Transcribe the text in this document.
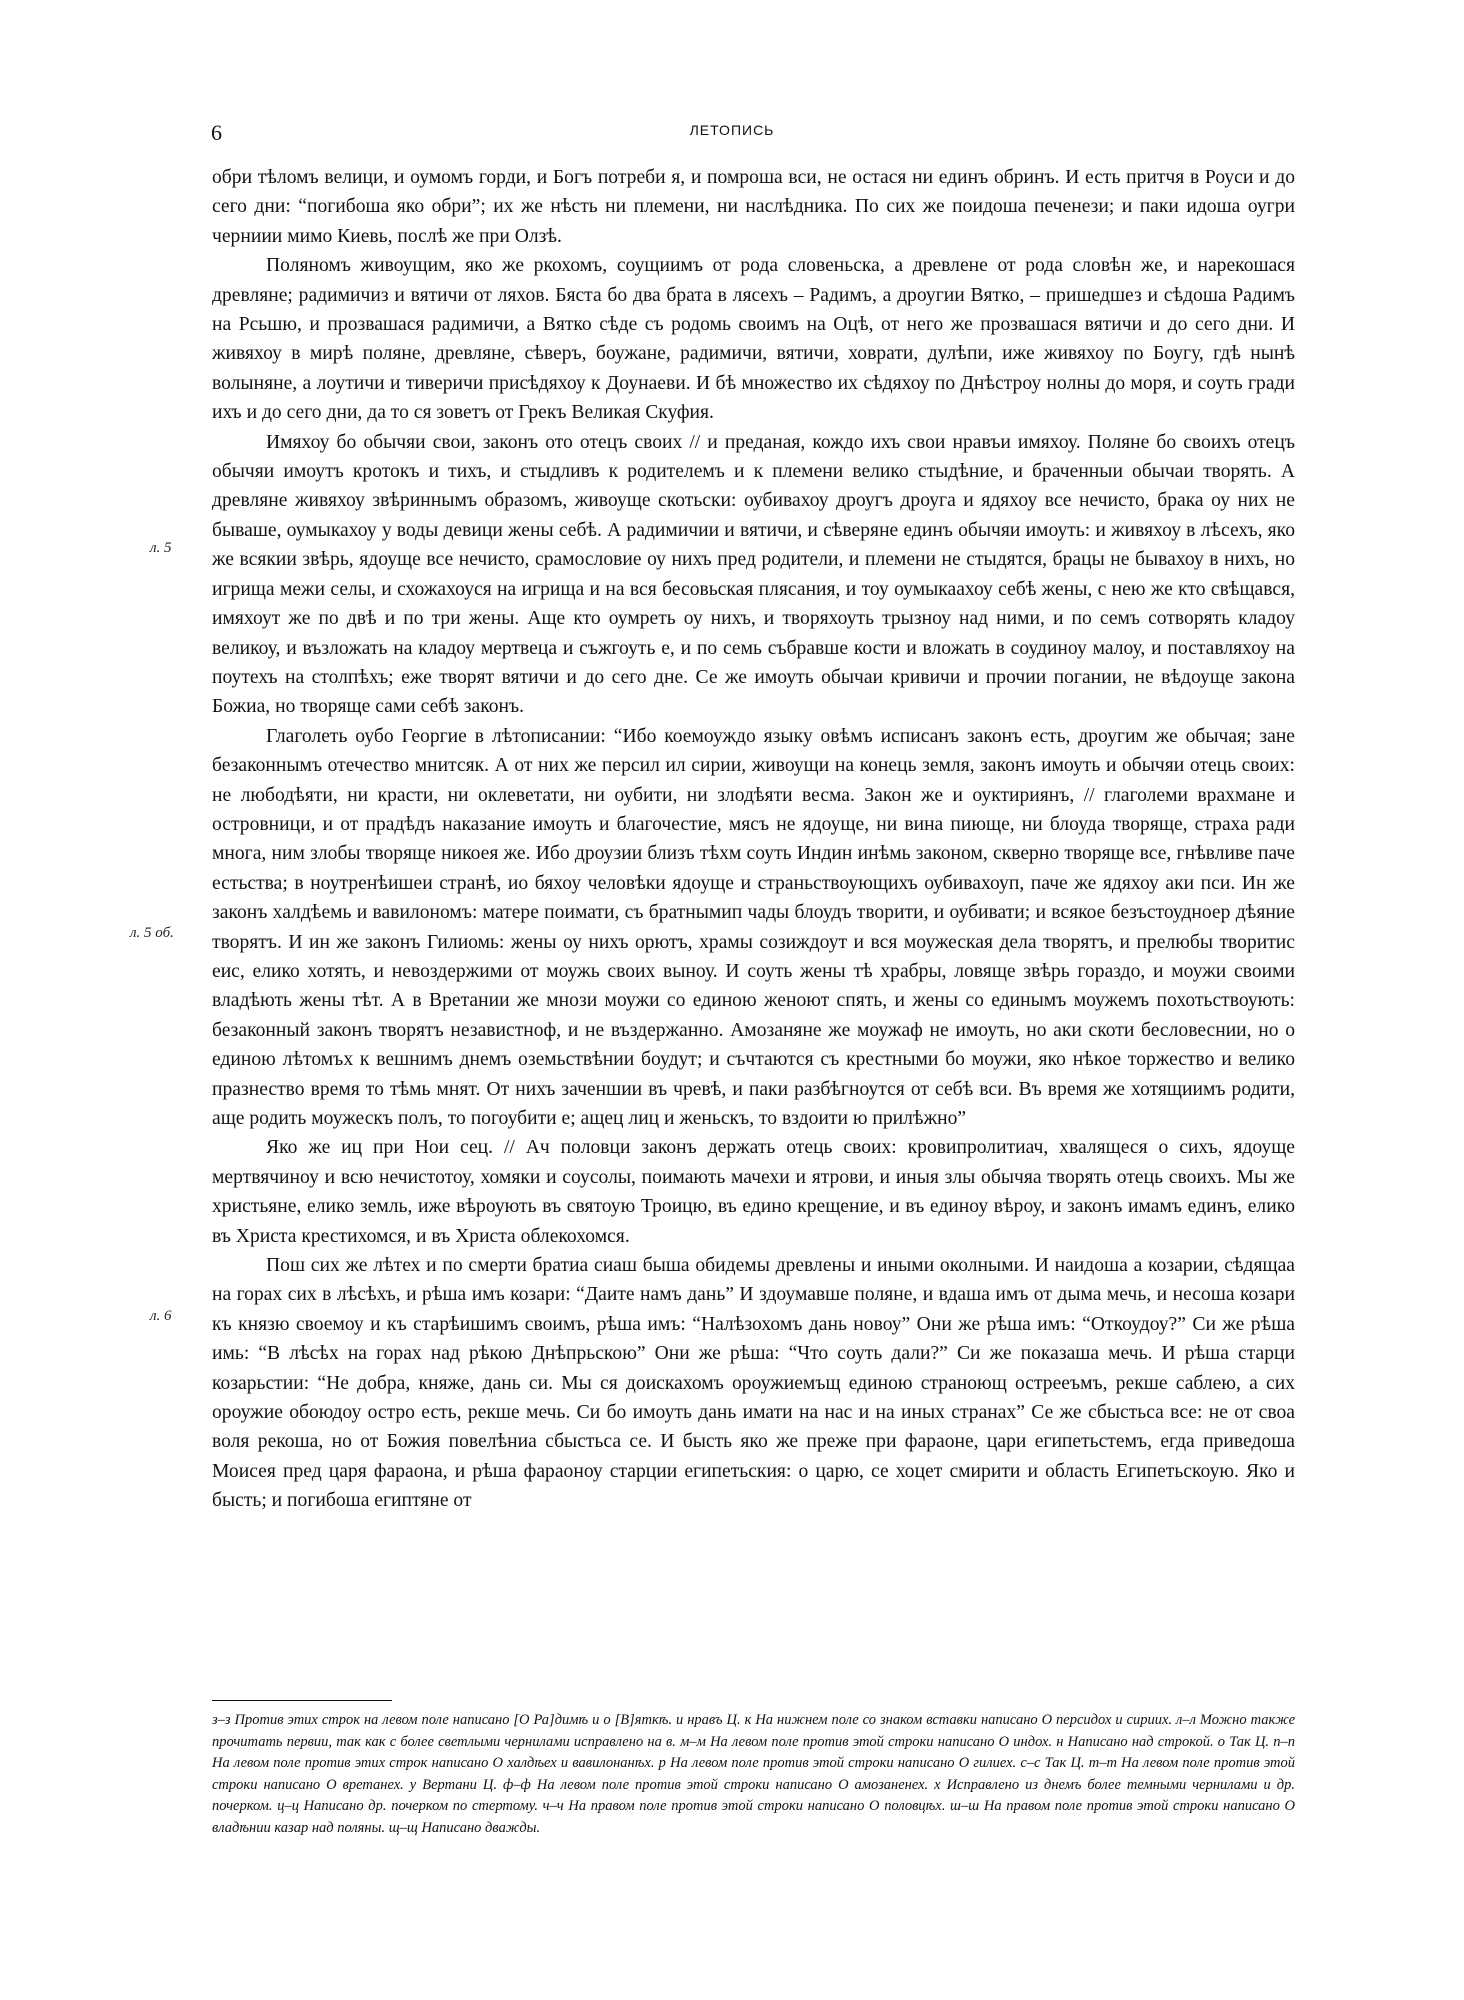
6	ЛЕТОПИСЬ
л. 5
л. 5 об.
л. 6

обри тѣломъ велици, и оумомъ горди, и Богъ потреби я, и помроша вси, не остася ни единъ обринъ. И есть притчя в Роуси и до сего дни: “погибоша яко обри”; их же нѣсть ни племени, ни наслѣдника. По сих же поидоша печенези; и паки идоша оугри черниии мимо Киевь, послѣ же при Олзѣ.

Поляномъ живоущим, яко же ркохомъ, соущиимъ от рода словеньска, а древлене от рода словѣн же, и нарекошася древляне; радимичиз и вятичи от ляхов. Бяста бо два брата в лясехъ – Радимъ, а дроугии Вятко, – пришедшез и сѣдоша Радимъ на Рсьшю, и прозвашася радимичи, а Вятко сѣде съ родомь своимъ на Оцѣ, от него же прозвашася вятичи и до сего дни. И живяхоу в мирѣ поляне, древляне, сѣверъ, боужане, радимичи, вятичи, ховрати, дулѣпи, иже живяхоу по Боугу, гдѣ нынѣ волыняне, а лоутичи и тиверичи присѣдяхоу к Доунаеви. И бѣ множество их сѣдяхоу по Днѣстроу нолны до моря, и соуть гради ихъ и до сего дни, да то ся зоветъ от Грекъ Великая Скуфия.

Имяхоу бо обычяи свои, законъ ото отецъ своих // и преданая, кождо ихъ свои нравъи имяхоу. Поляне бо своихъ отецъ обычяи имоутъ кротокъ и тихъ, и стыдливъ к родителемъ и к племени велико стыдѣние, и браченныи обычаи творять. А древляне живяхоу звѣриннымъ образомъ, живоуще скотьски: оубивахоу дроугъ дроуга и ядяхоу все нечисто, брака оу них не бываше, оумыкахоу у воды девици жены себѣ. А радимичии и вятичи, и сѣверяне единъ обычяи имоуть: и живяхоу в лѣсехъ, яко же всякии звѣрь, ядоуще все нечисто, срамословие оу нихъ пред родители, и племени не стыдятся, брацы не бывахоу в нихъ, но игрища межи селы, и схожахоуся на игрища и на вся бесовьская плясания, и тоу оумыкаахоу себѣ жены, с нею же кто свѣщався, имяхоут же по двѣ и по три жены. Аще кто оумреть оу нихъ, и творяхоуть трызноу над ними, и по семъ сотворять кладоу великоу, и възложать на кладоу мертвеца и съжгоуть е, и по семь събравше кости и вложать в соудиноу малоу, и поставляхоу на поутехъ на столпѣхъ; еже творят вятичи и до сего дне. Се же имоуть обычаи кривичи и прочии погании, не вѣдоуще закона Божиа, но творяще сами себѣ законъ.

Глаголеть оубо Георгие в лѣтописании: “Ибо коемоуждо языку овѣмъ исписанъ законъ есть, дроугим же обычая; зане безаконнымъ отечество мнитсяк. А от них же персил ил сирии, живоущи на конець земля, законъ имоуть и обычяи отець своих: не любодѣяти, ни красти, ни оклеветати, ни оубити, ни злодѣяти весма. Закон же и оуктириянъ, // глаголеми врахмане и островници, и от прадѣдъ наказание имоуть и благочестие, мясъ не ядоуще, ни вина пиюще, ни блоуда творяще, страха ради многа, ним злобы творяще никоея же. Ибо дроузии близъ тѣхм соуть Индин инѣмь законом, скверно творяще все, гнѣвливе паче естьства; в ноутренѣишеи странѣ, ио бяхоу человѣки ядоуще и страньствоующихъ оубивахоуп, паче же ядяхоу аки пси. Ин же законъ халдѣемь и вавилономъ: матере поимати, съ братнымип чады блоудъ творити, и оубивати; и всякое безъстоудноер дѣяние творятъ. И ин же законъ Гилиомь: жены оу нихъ орютъ, храмы созиждоут и вся моужеская дела творятъ, и прелюбы творитис еис, елико хотять, и невоздержими от моужь своих выноу. И соуть жены тѣ храбры, ловяще звѣрь гораздо, и моужи своими владѣють жены тѣт. А в Вретании же мнози моужи со единою женоют спять, и жены со единымъ моужемъ похотьствоують: безаконный законъ творятъ независтноф, и не въздержанно. Амозаняне же моужаф не имоуть, но аки скоти бесловеснии, но о единою лѣтомъх к вешнимъ днемъ оземьствѣнии боудут; и съчтаются съ крестными бо моужи, яко нѣкое торжество и велико празнество время то тѣмь мнят. От нихъ заченшии въ чревѣ, и паки разбѣгноутся от себѣ вси. Въ время же хотящиимъ родити, аще родить моужескъ полъ, то погоубити е; ащец лиц и женьскъ, то вздоити ю прилѣжно”

Яко же иц при Нои сец. // Ач половци законъ держать отець своих: кровипролитиач, хвалящеся о сихъ, ядоуще мертвячиноу и всю нечистотоу, хомяки и соусолы, поимають мачехи и ятрови, и иныя злы обычяа творять отець своихъ. Мы же христьяне, елико земль, иже вѣроують въ святоую Троицю, въ едино крещение, и въ единоу вѣроу, и законъ имамъ единъ, елико въ Христа крестихомся, и въ Христа облекохомся.

Пош сих же лѣтех и по смерти братиа сиаш быша обидемы древлены и иными околными. И наидоша а козарии, сѣдящаа на горах сих в лѣсѣхъ, и рѣша имъ козари: “Даите намъ дань” И здоумавше поляне, и вдаша имъ от дыма мечь, и несоша козари къ князю своемоу и къ старѣишимъ своимъ, рѣша имъ: “Налѣзохомъ дань новоу” Они же рѣша имъ: “Откоудоу?” Си же рѣша имь: “В лѣсѣх на горах над рѣкою Днѣпрьскою” Они же рѣша: “Что соуть дали?” Си же показаша мечь. И рѣша старци козарьстии: “Не добра, княже, дань си. Мы ся доискахомъ ороужиемъщ единою страноющ острееъмъ, рекше саблею, а сих ороужие обоюдоу остро есть, рекше мечь. Си бо имоуть дань имати на нас и на иных странах” Се же сбыстьса все: не от своа воля рекоша, но от Божия повелѣниа сбыстьса се. И бысть яко же преже при фараоне, цари египетьстемъ, егда приведоша Моисея пред царя фараона, и рѣша фараоноу старции египетьския: о царю, се хоцет смирити и область Египетьскоую. Яко и бысть; и погибоша египтяне от

з–з Против этих строк на левом поле написано [О Ра]димѣ и о [В]яткѣ. и нравъ Ц. к На нижнем поле со знаком вставки написано О персидох и сириих. л–л Можно также прочитать первии, так как с более светлыми чернилами исправлено на в. м–м На левом поле против этой строки написано О индох. н Написано над строкой. о Так Ц. п–п На левом поле против этих строк написано О халдѣех и вавилонанѣх. р На левом поле против этой строки написано О гилиех. с–с Так Ц. т–т На левом поле против этой строки написано О вретанех. у Вертани Ц. ф–ф На левом поле против этой строки написано О амозаненех. х Исправлено из днемъ более темными чернилами и др. почерком. ц–ц Написано др. почерком по стертому. ч–ч На правом поле против этой строки написано О половцѣх. ш–ш На правом поле против этой строки написано О владѣнии казар над поляны. щ–щ Написано дважды.
